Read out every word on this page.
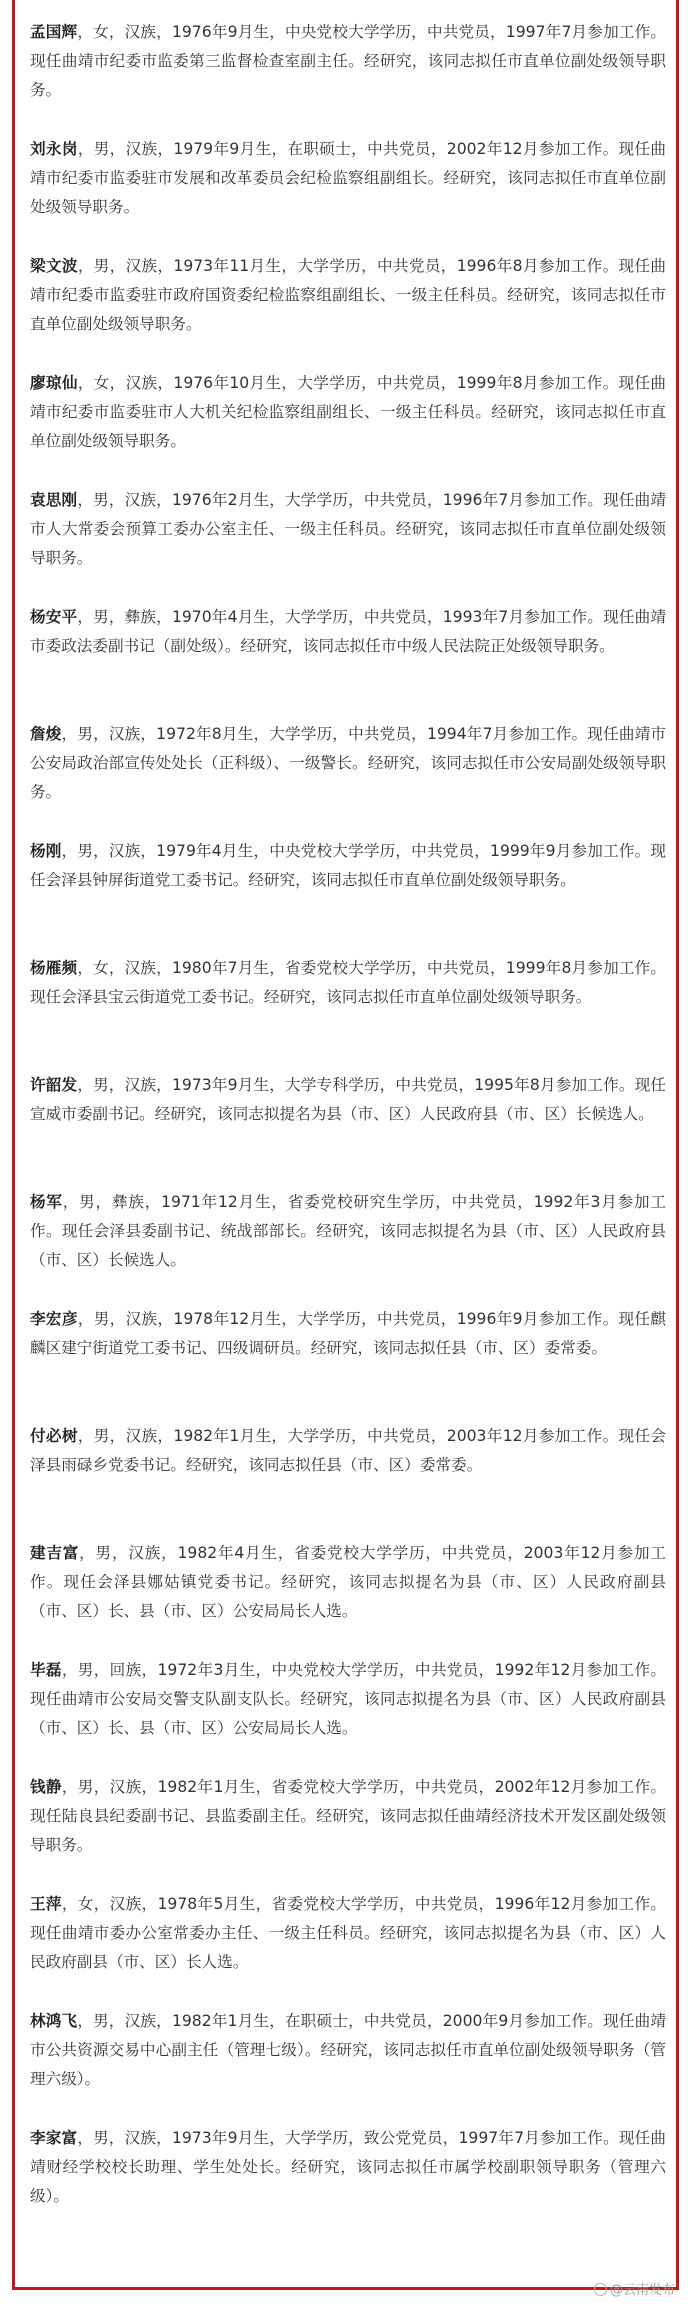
孟国辉，女，汉族，1976年9月生，中央党校大学学历，中共党员，1997年7月参加工作。现任曲靖市纪委市监委第三监督检查室副主任。经研究，该同志拟任市直单位副处级领导职务。

刘永岗，男，汉族，1979年9月生，在职硕士，中共党员，2002年12月参加工作。现任曲靖市纪委市监委驻市发展和改革委员会纪检监察组副组长。经研究，该同志拟任市直单位副处级领导职务。

梁文波，男，汉族，1973年11月生，大学学历，中共党员，1996年8月参加工作。现任曲靖市纪委市监委驻市政府国资委纪检监察组副组长、一级主任科员。经研究，该同志拟任市直单位副处级领导职务。

廖琼仙，女，汉族，1976年10月生，大学学历，中共党员，1999年8月参加工作。现任曲靖市纪委市监委驻市人大机关纪检监察组副组长、一级主任科员。经研究，该同志拟任市直单位副处级领导职务。

袁思刚，男，汉族，1976年2月生，大学学历，中共党员，1996年7月参加工作。现任曲靖市人大常委会预算工委办公室主任、一级主任科员。经研究，该同志拟任市直单位副处级领导职务。

杨安平，男，彝族，1970年4月生，大学学历，中共党员，1993年7月参加工作。现任曲靖市委政法委副书记（副处级）。经研究，该同志拟任市中级人民法院正处级领导职务。

詹焌，男，汉族，1972年8月生，大学学历，中共党员，1994年7月参加工作。现任曲靖市公安局政治部宣传处处长（正科级）、一级警长。经研究，该同志拟任市公安局副处级领导职务。

杨刚，男，汉族，1979年4月生，中央党校大学学历，中共党员，1999年9月参加工作。现任会泽县钟屏街道党工委书记。经研究，该同志拟任市直单位副处级领导职务。

杨雁频，女，汉族，1980年7月生，省委党校大学学历，中共党员，1999年8月参加工作。现任会泽县宝云街道党工委书记。经研究，该同志拟任市直单位副处级领导职务。

许韶发，男，汉族，1973年9月生，大学专科学历，中共党员，1995年8月参加工作。现任宣威市委副书记。经研究，该同志拟提名为县（市、区）人民政府县（市、区）长候选人。

杨军，男，彝族，1971年12月生，省委党校研究生学历，中共党员，1992年3月参加工作。现任会泽县委副书记、统战部部长。经研究，该同志拟提名为县（市、区）人民政府县（市、区）长候选人。

李宏彦，男，汉族，1978年12月生，大学学历，中共党员，1996年9月参加工作。现任麒麟区建宁街道党工委书记、四级调研员。经研究，该同志拟任县（市、区）委常委。

付必树，男，汉族，1982年1月生，大学学历，中共党员，2003年12月参加工作。现任会泽县雨碌乡党委书记。经研究，该同志拟任县（市、区）委常委。

建吉富，男，汉族，1982年4月生，省委党校大学学历，中共党员，2003年12月参加工作。现任会泽县娜姑镇党委书记。经研究，该同志拟提名为县（市、区）人民政府副县（市、区）长、县（市、区）公安局局长人选。

毕磊，男，回族，1972年3月生，中央党校大学学历，中共党员，1992年12月参加工作。现任曲靖市公安局交警支队副支队长。经研究，该同志拟提名为县（市、区）人民政府副县（市、区）长、县（市、区）公安局局长人选。

钱静，男，汉族，1982年1月生，省委党校大学学历，中共党员，2002年12月参加工作。现任陆良县纪委副书记、县监委副主任。经研究，该同志拟任曲靖经济技术开发区副处级领导职务。

王萍，女，汉族，1978年5月生，省委党校大学学历，中共党员，1996年12月参加工作。现任曲靖市委办公室常委办主任、一级主任科员。经研究，该同志拟提名为县（市、区）人民政府副县（市、区）长人选。

林鸿飞，男，汉族，1982年1月生，在职硕士，中共党员，2000年9月参加工作。现任曲靖市公共资源交易中心副主任（管理七级）。经研究，该同志拟任市直单位副处级领导职务（管理六级）。

李家富，男，汉族，1973年9月生，大学学历，致公党党员，1997年7月参加工作。现任曲靖财经学校校长助理、学生处处长。经研究，该同志拟任市属学校副职领导职务（管理六级）。

@云南发布
